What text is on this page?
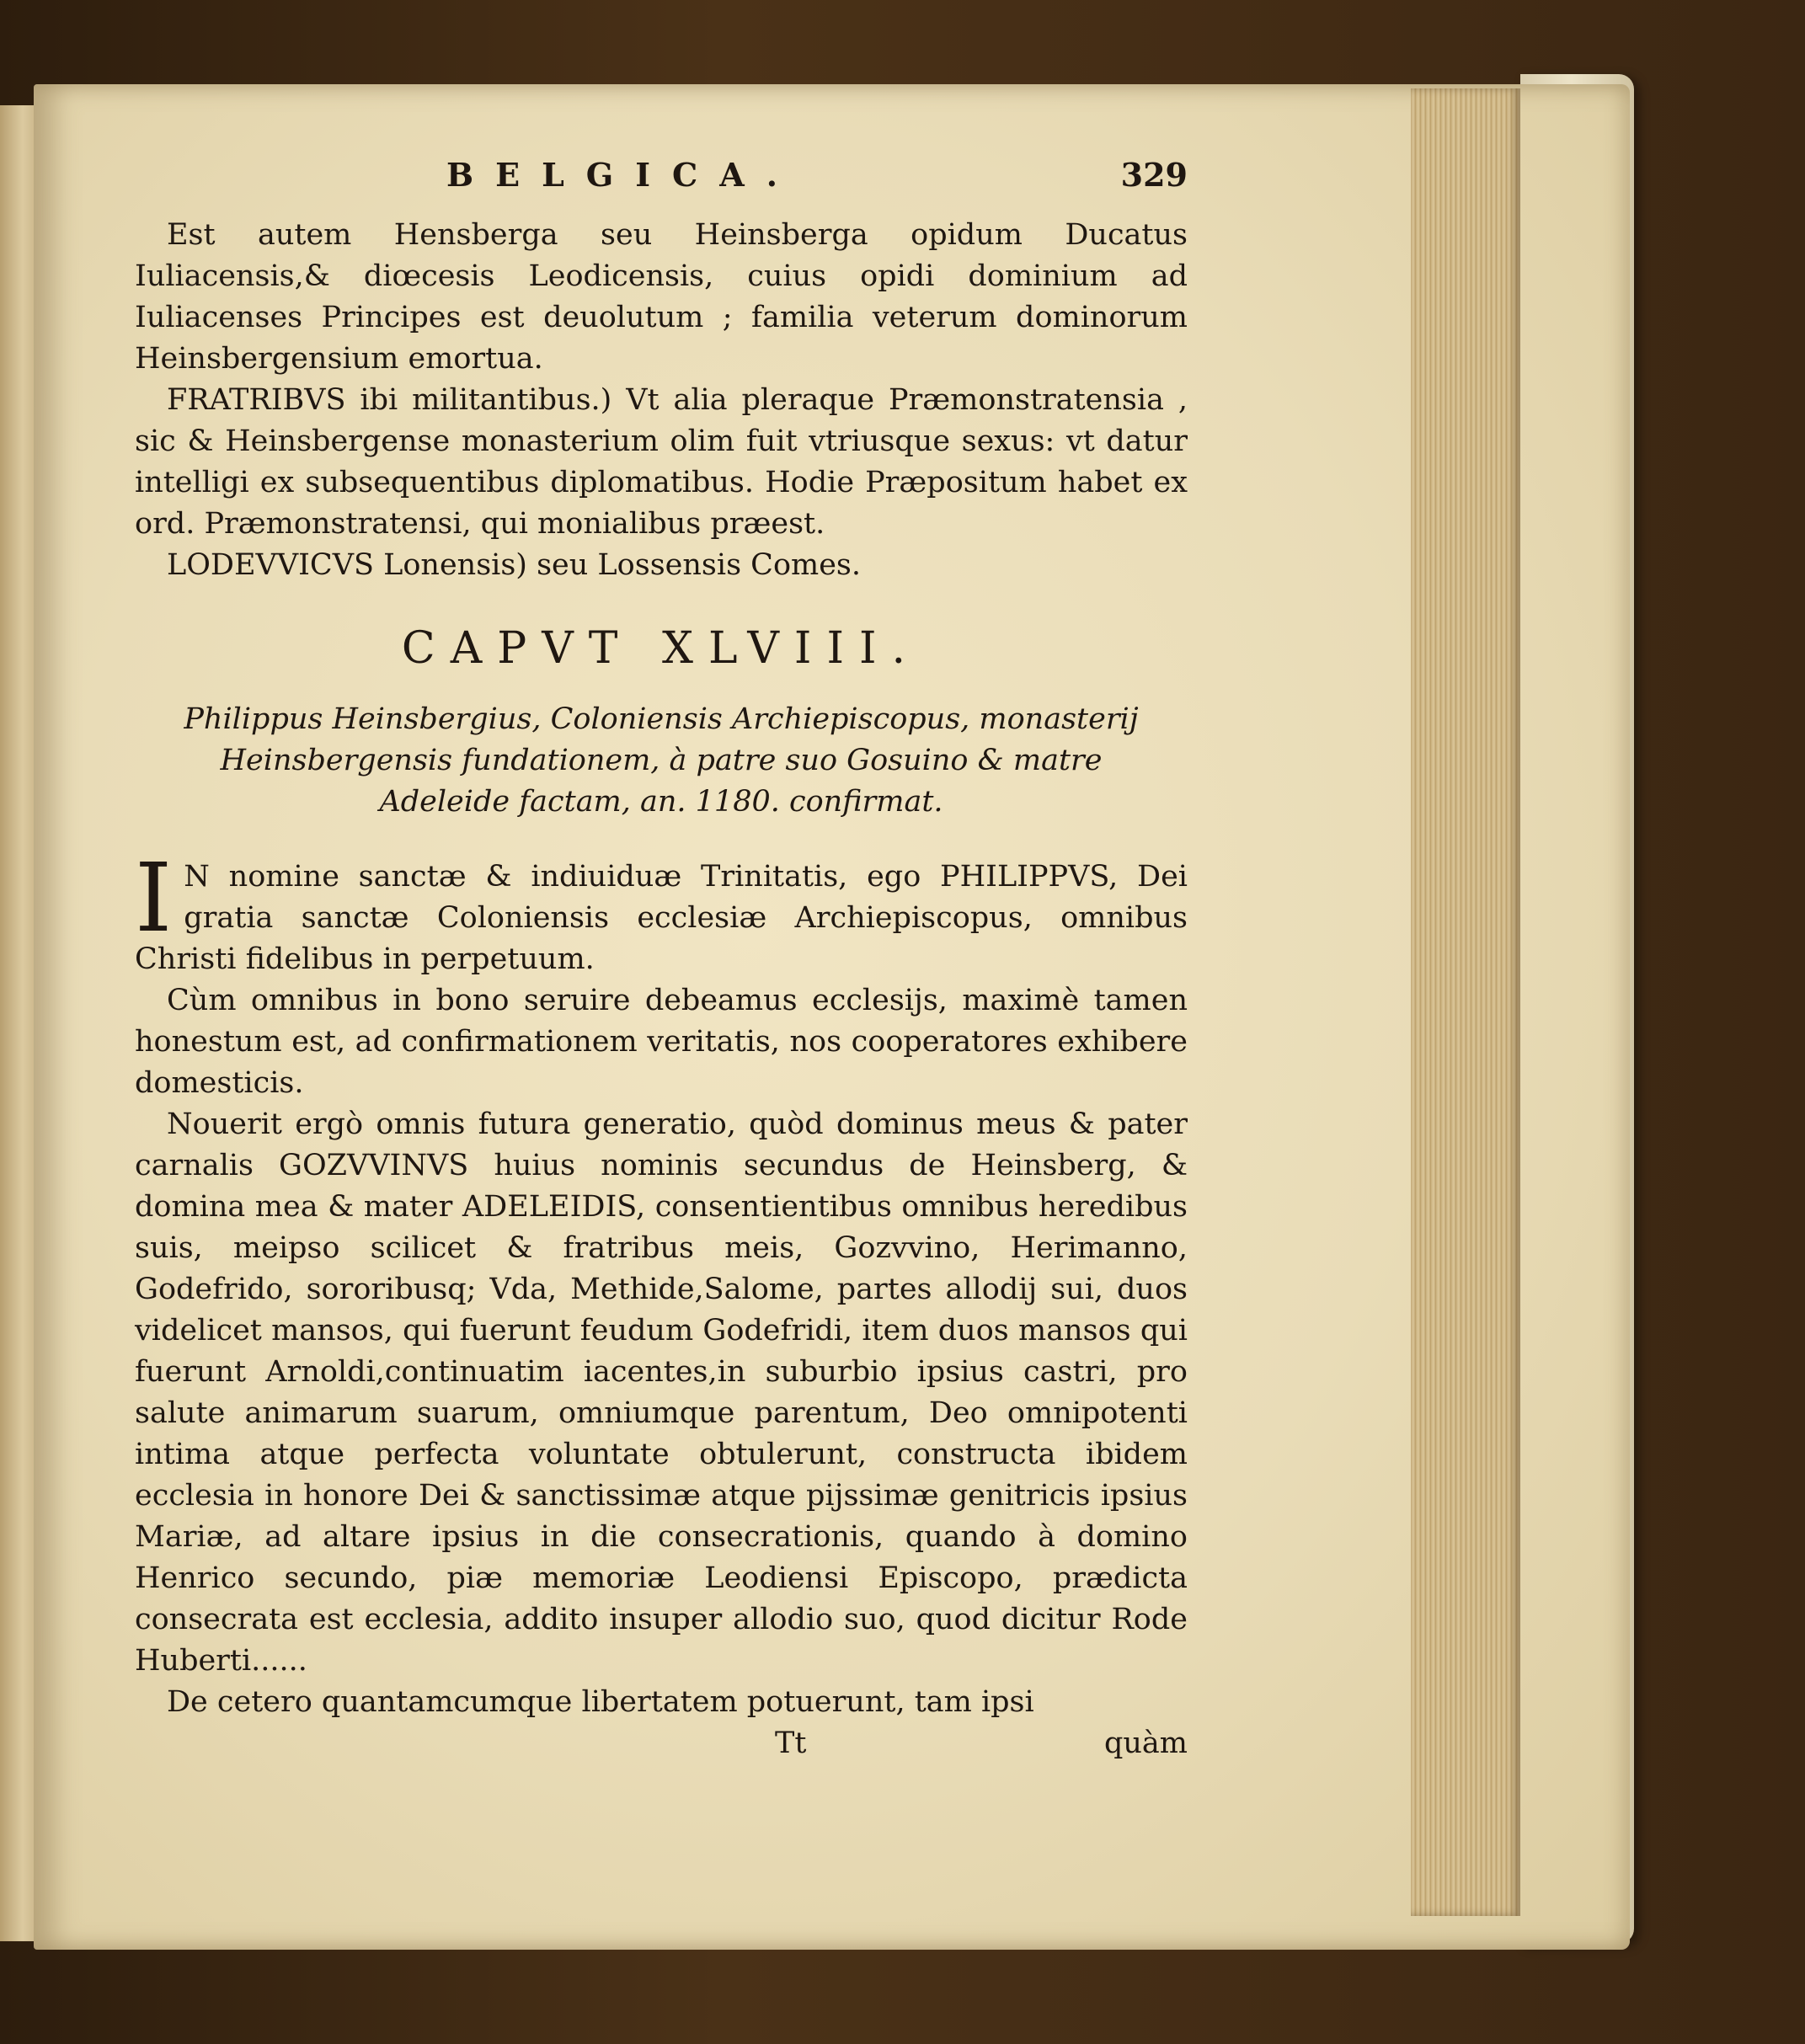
BELGICA.	329

Est autem Hensberga seu Heinsberga opidum Ducatus Iuliacensis,& diœcesis Leodicensis, cuius opidi dominium ad Iuliacenses Principes est deuolutum ; familia veterum dominorum Heinsbergensium emortua.

FRATRIBVS ibi militantibus.) Vt alia pleraque Præmonstratensia , sic & Heinsbergense monasterium olim fuit vtriusque sexus: vt datur intelligi ex subsequentibus diplomatibus. Hodie Præpositum habet ex ord. Præmonstratensi, qui monialibus præest.

LODEVVICVS Lonensis) seu Lossensis Comes.

CAPVT XLVIII.
Philippus Heinsbergius, Coloniensis Archiepiscopus, monasterij Heinsbergensis fundationem, à patre suo Gosuino & matre Adeleide factam, an. 1180. confirmat.
I N nomine sanctæ & indiuiduæ Trinitatis, ego PHILIPPVS, Dei gratia sanctæ Coloniensis ecclesiæ Archiepiscopus, omnibus Christi fidelibus in perpetuum.

Cùm omnibus in bono seruire debeamus ecclesijs, maximè tamen honestum est, ad confirmationem veritatis, nos cooperatores exhibere domesticis.

Nouerit ergò omnis futura generatio, quòd dominus meus & pater carnalis GOZVVINVS huius nominis secundus de Heinsberg, & domina mea & mater ADELEIDIS, consentientibus omnibus heredibus suis, meipso scilicet & fratribus meis, Gozvvino, Herimanno, Godefrido, sororibusq; Vda, Methide,Salome, partes allodij sui, duos videlicet mansos, qui fuerunt feudum Godefridi, item duos mansos qui fuerunt Arnoldi,continuatim iacentes,in suburbio ipsius castri, pro salute animarum suarum, omniumque parentum, Deo omnipotenti intima atque perfecta voluntate obtulerunt, constructa ibidem ecclesia in honore Dei & sanctissimæ atque pijssimæ genitricis ipsius Mariæ, ad altare ipsius in die consecrationis, quando à domino Henrico secundo, piæ memoriæ Leodiensi Episcopo, prædicta consecrata est ecclesia, addito insuper allodio suo, quod dicitur Rode Huberti......

De cetero quantamcumque libertatem potuerunt, tam ipsi

Tt	quàm
